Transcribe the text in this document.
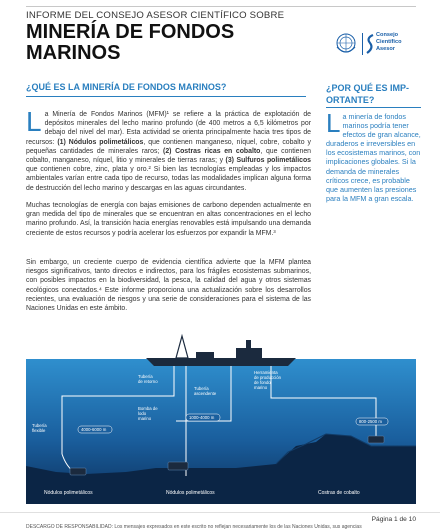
INFORME DEL CONSEJO ASESOR CIENTÍFICO SOBRE
MINERÍA DE FONDOS
MARINOS
Consejo
Científico
Asesor
¿QUÉ ES LA MINERÍA DE FONDOS MARINOS?	¿POR QUÉ ES IMP-
ORTANTE?
La Minería de Fondos Marinos (MFM)¹ se refiere a la práctica de explotación de depósitos minerales del lecho marino profundo (de 400 metros a 6,5 kilómetros por debajo del nivel del mar). Esta actividad se orienta principalmente hacia tres tipos de recursos: (1) Nódulos polimetálicos, que contienen manganeso, níquel, cobre, cobalto y pequeñas cantidades de minerales raros; (2) Costras ricas en cobalto, que contienen cobalto, manganeso, níquel, litio y minerales de tierras raras; y (3) Sulfuros polimetálicos que contienen cobre, zinc, plata y oro.² Si bien las tecnologías empleadas y los impactos ambientales varían entre cada tipo de recurso, todas las modalidades implican alguna forma de destrucción del lecho marino y descargas en las aguas circundantes.
Muchas tecnologías de energía con bajas emisiones de carbono dependen actualmente en gran medida del tipo de minerales que se encuentran en altas concentraciones en el lecho marino profundo. Así, la transición hacia energías renovables está impulsando una demanda creciente de estos recursos y podría acelerar los esfuerzos por expandir la MFM.³
Sin embargo, un creciente cuerpo de evidencia científica advierte que la MFM plantea riesgos significativos, tanto directos e indirectos, para los frágiles ecosistemas submarinos, con posibles impactos en la biodiversidad, la pesca, la calidad del agua y otros sistemas ecológicos conectados.⁴ Este informe proporciona una actualización sobre los desarrollos recientes, una evaluación de riesgos y una serie de consideraciones para el sistema de las Naciones Unidas en este ámbito.
La minería de fondos marinos podría tener efectos de gran alcance, duraderos e irreversibles en los ecosistemas marinos, con implicaciones globales. Si la demanda de minerales críticos crece, es probable que aumenten las presiones para la MFM a gran escala.
1000-4000 m
4000-6000 m
800-2500 m
Tubería
de retorno
Tubería
ascendente
Herramienta
de producción
de fondo
marino
Bomba de
lodo
marino
Tubería
flexible
Nódulos polimetálicos	Nódulos polimetálicos	Costras de cobalto
Página 1 de 10
DESCARGO DE RESPONSABILIDAD: Los mensajes expresados en este escrito no reflejan necesariamente los de las Naciones Unidas, sus agencias
